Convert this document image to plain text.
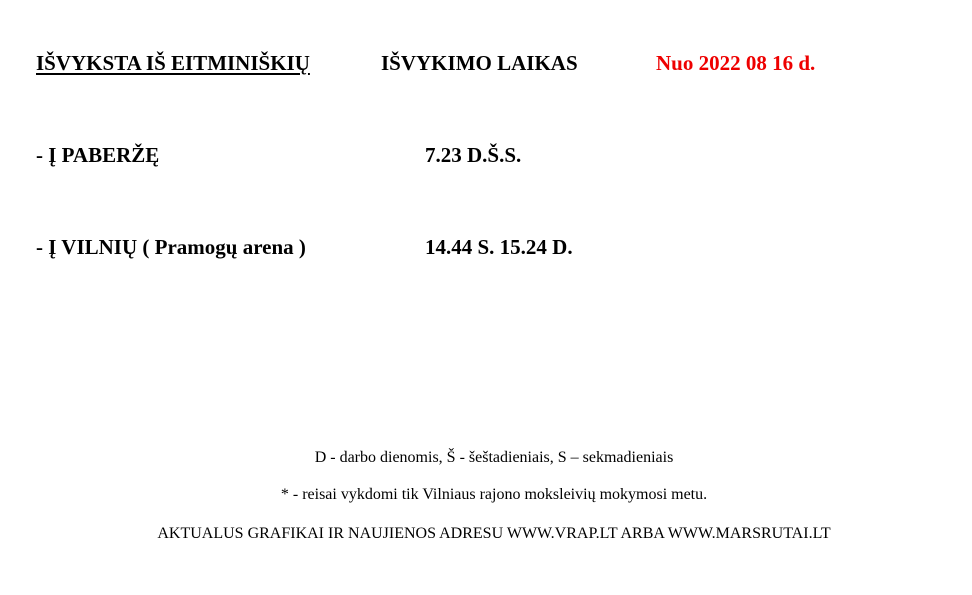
IŠVYKSTA IŠ EITMINIŠKIŲ	IŠVYKIMO LAIKAS	Nuo 2022 08 16 d.
- Į PABERŽĘ	7.23 D.Š.S.
- Į VILNIŲ ( Pramogų arena )	14.44 S. 15.24 D.
D - darbo dienomis, Š - šeštadieniais, S – sekmadieniais
* - reisai vykdomi tik Vilniaus rajono moksleivių mokymosi metu.
AKTUALUS GRAFIKAI IR NAUJIENOS ADRESU WWW.VRAP.LT ARBA WWW.MARSRUTAI.LT
